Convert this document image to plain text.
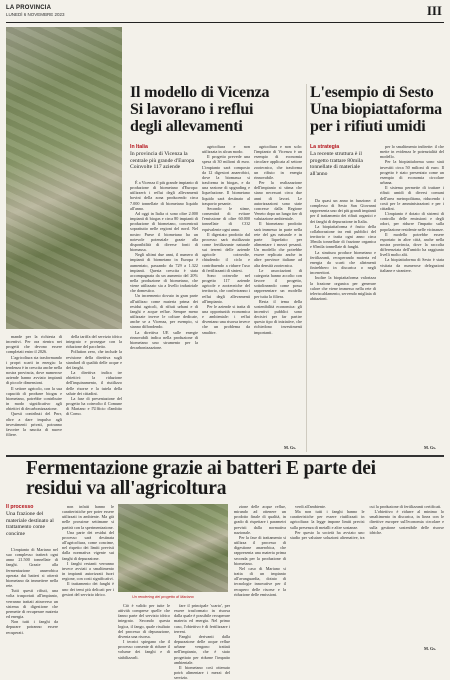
LA PROVINCIA
LUNEDÌ 6 NOVEMBRE 2023	III

mande per la richiesta di incentivi. Per ora rientra nei progetti che devono essere completati entro il 2026.

L'agricoltura sta trasformando i propri scarti in energia: la tendenza è in crescita anche nella nostra provincia, dove numerose aziende hanno avviato impianti di piccole dimensioni.

Il settore agricolo, con la sua capacità di produrre biogas e biometano, potrebbe contribuire in modo significativo agli obiettivi di decarbonizzazione.

Questi contributi del Pnrr, oltre a dare impulso agli investimenti privati, potranno favorire la nascita di nuove filiere.

della tariffa del servizio idrico integrato e prosegue con la riduzione del pacchetto.

Pollution zero, che include la revisione della direttiva sugli standard di qualità delle acque e dei fanghi.

La direttiva indica tre obiettivi: la riduzione dell'inquinamento, il riutilizzo delle risorse e la tutela della salute dei cittadini.

La fase di presentazione del progetto ha coinvolto il Comune di Mariano e l'Ufficio d'ambito di Como.

Il modello di Vicenza Si lavorano i reflui degli allevamenti
In Italia
In provincia di Vicenza la centrale più grande d'Europa Coinvolte 117 aziende

È a Vicenza il più grande impianto di produzione di biometano d'Europa: utilizzerà i reflui degli allevamenti bovini della zona producendo circa 7.000 tonnellate di biometano liquido all'anno.

Ad oggi in Italia ci sono oltre 2.000 impianti di biogas e circa 80 impianti di produzione di biometano, concentrati soprattutto nelle regioni del nord. Nel nostro Paese il biometano ha un notevole potenziale grazie alla disponibilità di diverse fonti di biomassa.

Negli ultimi due anni, il numero di impianti di biometano in Europa è aumentato, passando da 729 a 1.322 impianti. Questa crescita è stata accompagnata da un aumento del 20% nella produzione di biometano, che viene utilizzato sia a livello industriale che domestico.

Un incremento dovuto in gran parte all'utilizzo come materia prima dei residui agricoli, di rifiuti urbani e di fanghi e acque reflue. Sempre meno utilizzate invece le colture dedicate, anche se a Vicenza, per esempio, si stanno diffondendo.

La direttiva UE sulle energie rinnovabili indica nella produzione di biometano uno strumento per la decarbonizzazione.

agricoltura e non utilizzata in alcun modo.

Il progetto prevede una spesa di 30 milioni di euro. L'impianto sarà composto da 12 digestori anaerobici, dove la biomassa si trasforma in biogas, e da una sezione di upgrading e liquefazione. Il biometano liquido sarà destinato al trasporto pesante.

Secondo le stime, consentirà di evitare l'emissione di oltre 60.000 tonnellate di CO2 equivalente ogni anno.

Il digestato prodotto dal processo sarà riutilizzato come fertilizzante naturale sui terreni delle aziende agricole coinvolte, chiudendo il ciclo e contribuendo a ridurre l'uso di fertilizzanti di sintesi.

Sono coinvolte nel progetto 117 aziende agricole e zootecniche del territorio, che conferiranno i reflui degli allevamenti all'impianto.

Per le aziende si tratta di una opportunità economica e ambientale: i reflui diventano una risorsa invece che un problema da smaltire.

agricoltura e non solo: l'impianto di Vicenza è un esempio di economia circolare applicata al settore zootecnico, che trasforma un rifiuto in energia rinnovabile.

Per la realizzazione dell'impianto si stima che siano necessari circa due anni di lavori. Le autorizzazioni sono state concesse dalla Regione Veneto dopo un lungo iter di valutazione ambientale.

Il biometano prodotto sarà immesso in parte nella rete del gas naturale e in parte liquefatto per alimentare i mezzi pesanti. Un modello che potrebbe essere replicato anche in altre province italiane ad alta densità zootecnica.

Le associazioni di categoria hanno accolto con favore il progetto, sottolineando come possa rappresentare un modello per tutta la filiera.

Resta il tema della sostenibilità economica: gli incentivi pubblici sono decisivi per far partire questo tipo di iniziative, che richiedono investimenti importanti.

M. Gs.
L'esempio di Sesto Una biopiattaforma per i rifiuti umidi
La strategia
La recente struttura è il progetto trattare 80mila tonnellate di materiale all'anno

Da quasi un anno in funzione: il complesso di Sesto San Giovanni rappresenta uno dei più grandi impianti per il trattamento dei rifiuti organici e dei fanghi di depurazione in Italia.

La biopiattaforma è frutto della collaborazione tra enti pubblici del territorio e tratta ogni anno circa 30mila tonnellate di frazione organica e 65mila tonnellate di fanghi.

La struttura produce biometano e fertilizzanti, recuperando materia ed energia da scarti che altrimenti finirebbero in discarica o negli inceneritori.

Inoltre la biopiattaforma valorizza la frazione organica per generare calore che viene immesso nella rete di teleriscaldamento, servendo migliaia di abitazioni.

per lo smaltimento indirette: il che mette in evidenza le potenzialità del modello.

Per la biopiattaforma sono stati investiti circa 50 milioni di euro. Il progetto è stato presentato come un esempio di economia circolare urbana.

Il sistema permette di trattare i rifiuti umidi di diversi comuni dell'area metropolitana, riducendo i costi per le amministrazioni e per i cittadini.

L'impianto è dotato di sistemi di controllo delle emissioni e degli odori, per ridurre l'impatto sulla popolazione residente nelle vicinanze.

Il modello potrebbe essere esportato in altre città, anche nella nostra provincia, dove la raccolta differenziata dell'umido ha raggiunto livelli molto alti.

La biopiattaforma di Sesto è stata visitata da numerose delegazioni italiane e straniere.

M. Gs.
Fermentazione grazie ai batteri E parte dei residui va all'agricoltura
Il processo
Una frazione del materiale destinato al trattamento come concime

L'impianto di Mariano nel suo complesso tratterà ogni anno 21.500 tonnellate di fanghi. Grazie alla fermentazione anaerobica operata dai batteri si otterrà biometano da immettere nella rete.

Tutti questi rifiuti, una volta trasportati all'impianto, verranno trattati attraverso un sistema di digestione che permette di recuperare materia ed energia.

Non tutti i fanghi da depurare potranno essere recuperati.

non infatti hanno le caratteristiche per poter essere utilizzati in ambiente. Ma già nelle prossime settimane si partirà con la sperimentazione.

Una parte dei residui del processo sarà destinata all'agricoltura, come concime, nel rispetto dei limiti previsti dalla normativa vigente sui fanghi di depurazione.

I fanghi restanti verranno invece avviati a smaltimento in impianti autorizzati fuori regione, con costi significativi.

Il trattamento dei fanghi è uno dei temi più delicati per i gestori del servizio idrico.

Un rendering del progetto di Mariano

Ciò è valido per tutte le attività comprese quelle che fanno parte del servizio idrico integrato. Secondo questa logica, il fango, quale risultato del processo di depurazione, diventa una risorsa.

I tecnici spiegano che il processo consente di ridurre il volume dei fanghi e di stabilizzarli.

fare il principale 'scarto', per essere trasformato in risorsa dalla quale è possibile recuperare materia ed energia. Nel primo caso, l'obiettivo è di fertilizzare i terreni.

Fanghi derivanti dalla depurazione delle acque reflue urbane vengono trattati nell'impianto, che è stato progettato per ridurne l'impatto ambientale.

Il biometano così ottenuto potrà alimentare i mezzi del servizio.

zione delle acque reflue, mirando ad ottenere un prodotto finale di qualità, in grado di rispettare i parametri previsti dalla normativa nazionale.

Per la fase di trattamento si utilizza il processo di digestione anaerobica, che rappresenta una materia prima seconda per la produzione di biometano.

Nel caso di Mariano si tratta di un impianto all'avanguardia, dotato di tecnologie innovative per il recupero delle risorse e la riduzione delle emissioni.

verdi all'ambiente.

Ma non tutti i fanghi hanno le caratteristiche per essere riutilizzati in agricoltura: la legge impone limiti precisi sulla presenza di metalli e altre sostanze.

Per questo la società ha avviato uno studio per valutare soluzioni alternative, tra cui la produzione di fertilizzanti certificati.

L'obiettivo è ridurre al minimo lo smaltimento in discarica, in linea con le direttive europee sull'economia circolare e sulla gestione sostenibile delle risorse idriche.

M. Gs.
